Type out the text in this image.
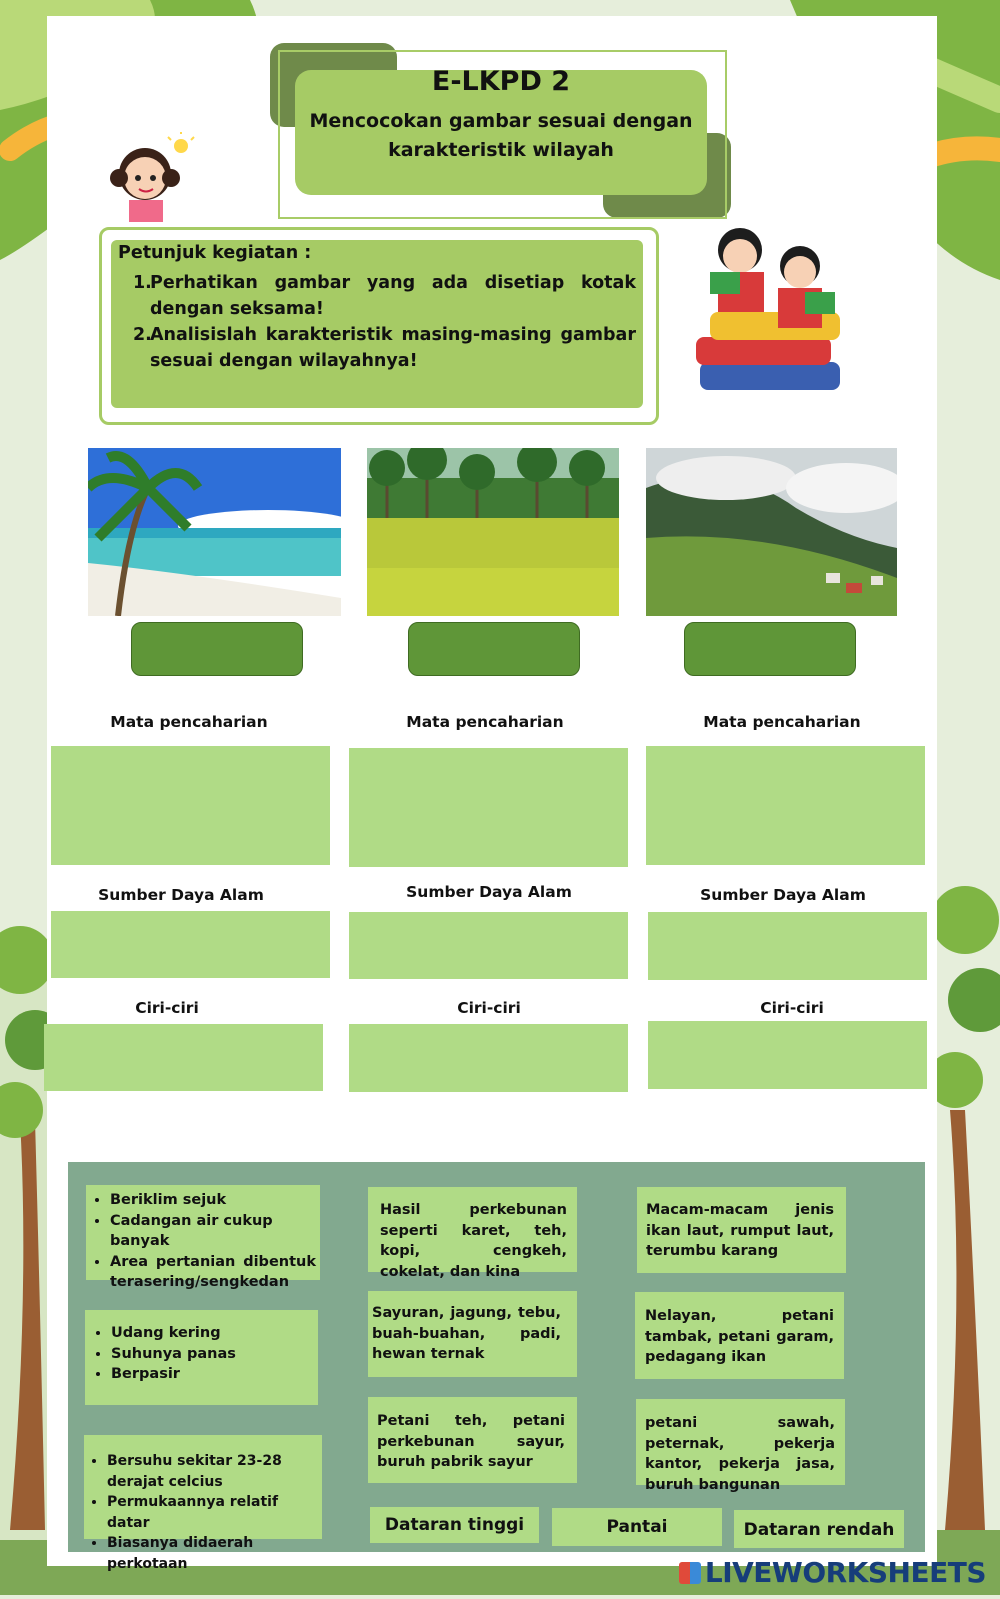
E-LKPD 2
Mencocokan gambar sesuai dengan
karakteristik wilayah
Petunjuk kegiatan :
1.
Perhatikan gambar yang ada disetiap kotak dengan seksama!
2.
Analisislah karakteristik masing-masing gambar sesuai dengan wilayahnya!
Mata pencaharian
Sumber Daya Alam
Ciri-ciri
Mata pencaharian
Sumber Daya Alam
Ciri-ciri
Mata pencaharian
Sumber Daya Alam
Ciri-ciri
• Beriklim sejuk
• Cadangan air cukup banyak
• Area pertanian dibentuk terasering/sengkedan
• Udang kering
• Suhunya panas
• Berpasir
• Bersuhu sekitar 23-28 derajat celcius
• Permukaannya relatif datar
• Biasanya didaerah perkotaan
Hasil perkebunan seperti karet, teh, kopi, cengkeh, cokelat, dan kina
Sayuran, jagung, tebu, buah-buahan, padi, hewan ternak
Petani teh, petani perkebunan sayur, buruh pabrik sayur
Macam-macam jenis ikan laut, rumput laut, terumbu karang
Nelayan, petani tambak, petani garam, pedagang ikan
petani sawah, peternak, pekerja kantor, pekerja jasa, buruh bangunan
Dataran tinggi	Pantai	Dataran rendah
LIVEWORKSHEETS
